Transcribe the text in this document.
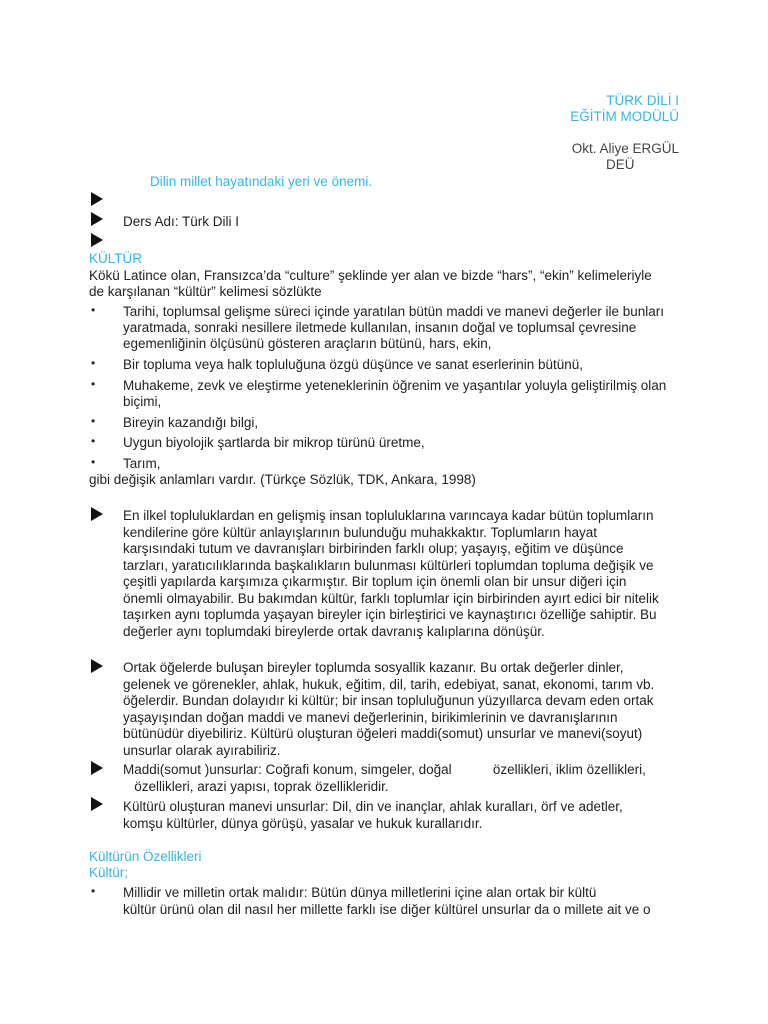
TÜRK DİLİ I
EĞİTİM MODÜLÜ
Okt. Aliye ERGÜL
DEÜ
Dilin millet hayatındaki yeri ve önemi.
Ders Adı: Türk Dili I
KÜLTÜR
Kökü Latince olan, Fransızca’da “culture” şeklinde yer alan ve bizde “hars”, “ekin” kelimeleriyle
de karşılanan “kültür” kelimesi sözlükte
• Tarihi, toplumsal gelişme süreci içinde yaratılan bütün maddi ve manevi değerler ile bunları
yaratmada, sonraki nesillere iletmede kullanılan, insanın doğal ve toplumsal çevresine
egemenliğinin ölçüsünü gösteren araçların bütünü, hars, ekin,
• Bir topluma veya halk topluluğuna özgü düşünce ve sanat eserlerinin bütünü,
• Muhakeme, zevk ve eleştirme yeteneklerinin öğrenim ve yaşantılar yoluyla geliştirilmiş olan
biçimi,
• Bireyin kazandığı bilgi,
• Uygun biyolojik şartlarda bir mikrop türünü üretme,
• Tarım,
gibi değişik anlamları vardır. (Türkçe Sözlük, TDK, Ankara, 1998)
En ilkel topluluklardan en gelişmiş insan topluluklarına varıncaya kadar bütün toplumların
kendilerine göre kültür anlayışlarının bulunduğu muhakkaktır. Toplumların hayat
karşısındaki tutum ve davranışları birbirinden farklı olup; yaşayış, eğitim ve düşünce
tarzları, yaratıcılıklarında başkalıkların bulunması kültürleri toplumdan topluma değişik ve
çeşitli yapılarda karşımıza çıkarmıştır. Bir toplum için önemli olan bir unsur diğeri için
önemli olmayabilir. Bu bakımdan kültür, farklı toplumlar için birbirinden ayırt edici bir nitelik
taşırken aynı toplumda yaşayan bireyler için birleştirici ve kaynaştırıcı özelliğe sahiptir. Bu
değerler aynı toplumdaki bireylerde ortak davranış kalıplarına dönüşür.
Ortak öğelerde buluşan bireyler toplumda sosyallik kazanır. Bu ortak değerler dinler,
gelenek ve görenekler, ahlak, hukuk, eğitim, dil, tarih, edebiyat, sanat, ekonomi, tarım vb.
öğelerdir. Bundan dolayıdır ki kültür; bir insan topluluğunun yüzyıllarca devam eden ortak
yaşayışından doğan maddi ve manevi değerlerinin, birikimlerinin ve davranışlarının
bütünüdür diyebiliriz. Kültürü oluşturan öğeleri maddi(somut) unsurlar ve manevi(soyut)
unsurlar olarak ayırabiliriz.
Maddi(somut )unsurlar: Coğrafi konum, simgeler, doğal           özellikleri, iklim özellikleri,
özellikleri, arazi yapısı, toprak özellikleridir.
Kültürü oluşturan manevi unsurlar: Dil, din ve inançlar, ahlak kuralları, örf ve adetler,
komşu kültürler, dünya görüşü, yasalar ve hukuk kurallarıdır.
Kültürün Özellikleri
Kültür;
• Millidir ve milletin ortak malıdır: Bütün dünya milletlerini içine alan ortak bir kültü
kültür ürünü olan dil nasıl her millette farklı ise diğer kültürel unsurlar da o millete ait ve o
